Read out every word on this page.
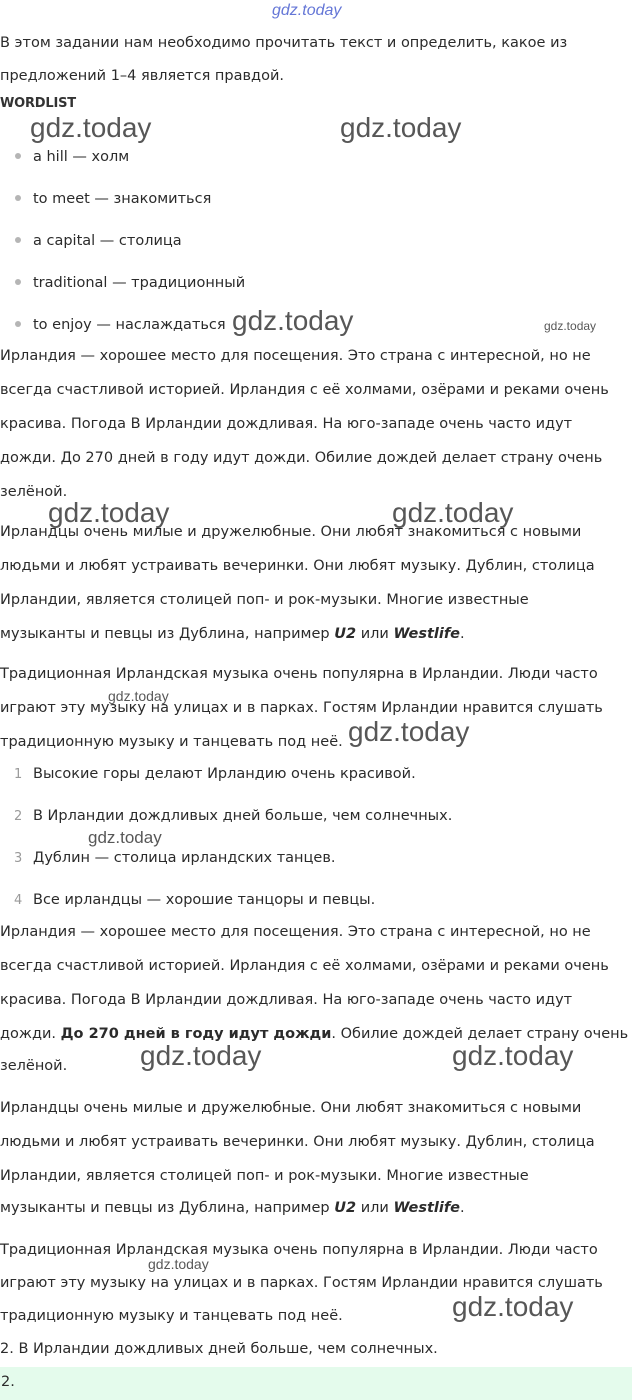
В этом задании нам необходимо прочитать текст и определить, какое из

предложений 1–4 является правдой.

WORDLIST
a hill — холм
to meet — знакомиться
a capital — столица
traditional — традиционный
to enjoy — наслаждаться

Ирландия — хорошее место для посещения. Это страна с интересной, но не

всегда счастливой историей. Ирландия с её холмами, озёрами и реками очень

красива. Погода В Ирландии дождливая. На юго-западе очень часто идут

дожди. До 270 дней в году идут дожди. Обилие дождей делает страну очень

зелёной.

Ирландцы очень милые и дружелюбные. Они любят знакомиться с новыми

людьми и любят устраивать вечеринки. Они любят музыку. Дублин, столица

Ирландии, является столицей поп- и рок-музыки. Многие известные

музыканты и певцы из Дублина, например U2 или Westlife.

Традиционная Ирландская музыка очень популярна в Ирландии. Люди часто

играют эту музыку на улицах и в парках. Гостям Ирландии нравится слушать

традиционную музыку и танцевать под неё.

1 Высокие горы делают Ирландию очень красивой.
2 В Ирландии дождливых дней больше, чем солнечных.
3 Дублин — столица ирландских танцев.
4 Все ирландцы — хорошие танцоры и певцы.

Ирландия — хорошее место для посещения. Это страна с интересной, но не

всегда счастливой историей. Ирландия с её холмами, озёрами и реками очень

красива. Погода В Ирландии дождливая. На юго-западе очень часто идут

дожди. До 270 дней в году идут дожди. Обилие дождей делает страну очень

зелёной.

Ирландцы очень милые и дружелюбные. Они любят знакомиться с новыми

людьми и любят устраивать вечеринки. Они любят музыку. Дублин, столица

Ирландии, является столицей поп- и рок-музыки. Многие известные

музыканты и певцы из Дублина, например U2 или Westlife.

Традиционная Ирландская музыка очень популярна в Ирландии. Люди часто

играют эту музыку на улицах и в парках. Гостям Ирландии нравится слушать

традиционную музыку и танцевать под неё.

2. В Ирландии дождливых дней больше, чем солнечных.

2.
gdz.today
gdz.today	gdz.today
gdz.today	gdz.today
gdz.today	gdz.today
gdz.today
gdz.today
gdz.today
gdz.today	gdz.today
gdz.today
gdz.today
